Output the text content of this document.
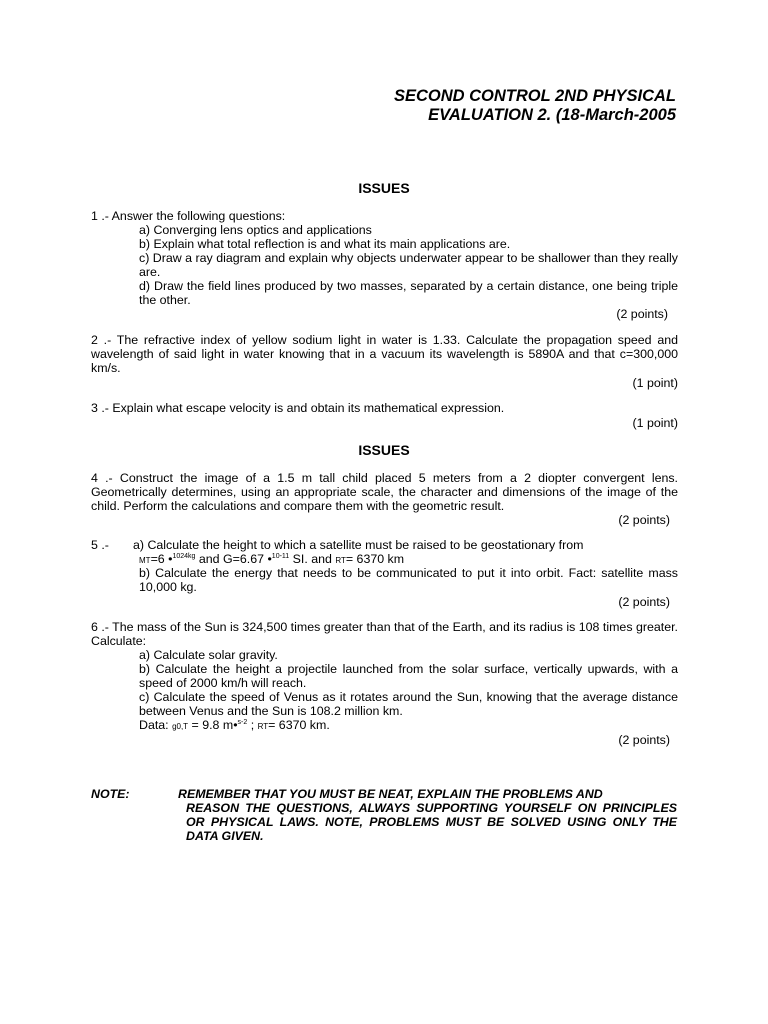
SECOND CONTROL 2ND PHYSICAL
EVALUATION 2. (18-March-2005
ISSUES
1 .- Answer the following questions:
a) Converging lens optics and applications
b) Explain what total reflection is and what its main applications are.
c) Draw a ray diagram and explain why objects underwater appear to be shallower than they really are.
d) Draw the field lines produced by two masses, separated by a certain distance, one being triple the other.
(2 points)
2 .- The refractive index of yellow sodium light in water is 1.33. Calculate the propagation speed and wavelength of said light in water knowing that in a vacuum its wavelength is 5890A and that c=300,000 km/s.
(1 point)
3 .- Explain what escape velocity is and obtain its mathematical expression.
(1 point)
ISSUES
4 .- Construct the image of a 1.5 m tall child placed 5 meters from a 2 diopter convergent lens. Geometrically determines, using an appropriate scale, the character and dimensions of the image of the child. Perform the calculations and compare them with the geometric result.
(2 points)
5 .- a) Calculate the height to which a satellite must be raised to be geostationary from
MT=6 •$^{1024kg}$ and G=6.67 •$^{10-11}$ SI. and RT= 6370 km
b) Calculate the energy that needs to be communicated to put it into orbit. Fact: satellite mass 10,000 kg.
(2 points)
6 .- The mass of the Sun is 324,500 times greater than that of the Earth, and its radius is 108 times greater. Calculate:
a) Calculate solar gravity.
b) Calculate the height a projectile launched from the solar surface, vertically upwards, with a speed of 2000 km/h will reach.
c) Calculate the speed of Venus as it rotates around the Sun, knowing that the average distance between Venus and the Sun is 108.2 million km.
Data: g0,T = 9.8 m•$^{s-2}$ ; RT= 6370 km.
(2 points)
NOTE:	REMEMBER THAT YOU MUST BE NEAT, EXPLAIN THE PROBLEMS AND
REASON THE QUESTIONS, ALWAYS SUPPORTING YOURSELF ON PRINCIPLES OR PHYSICAL LAWS. NOTE, PROBLEMS MUST BE SOLVED USING ONLY THE DATA GIVEN.
